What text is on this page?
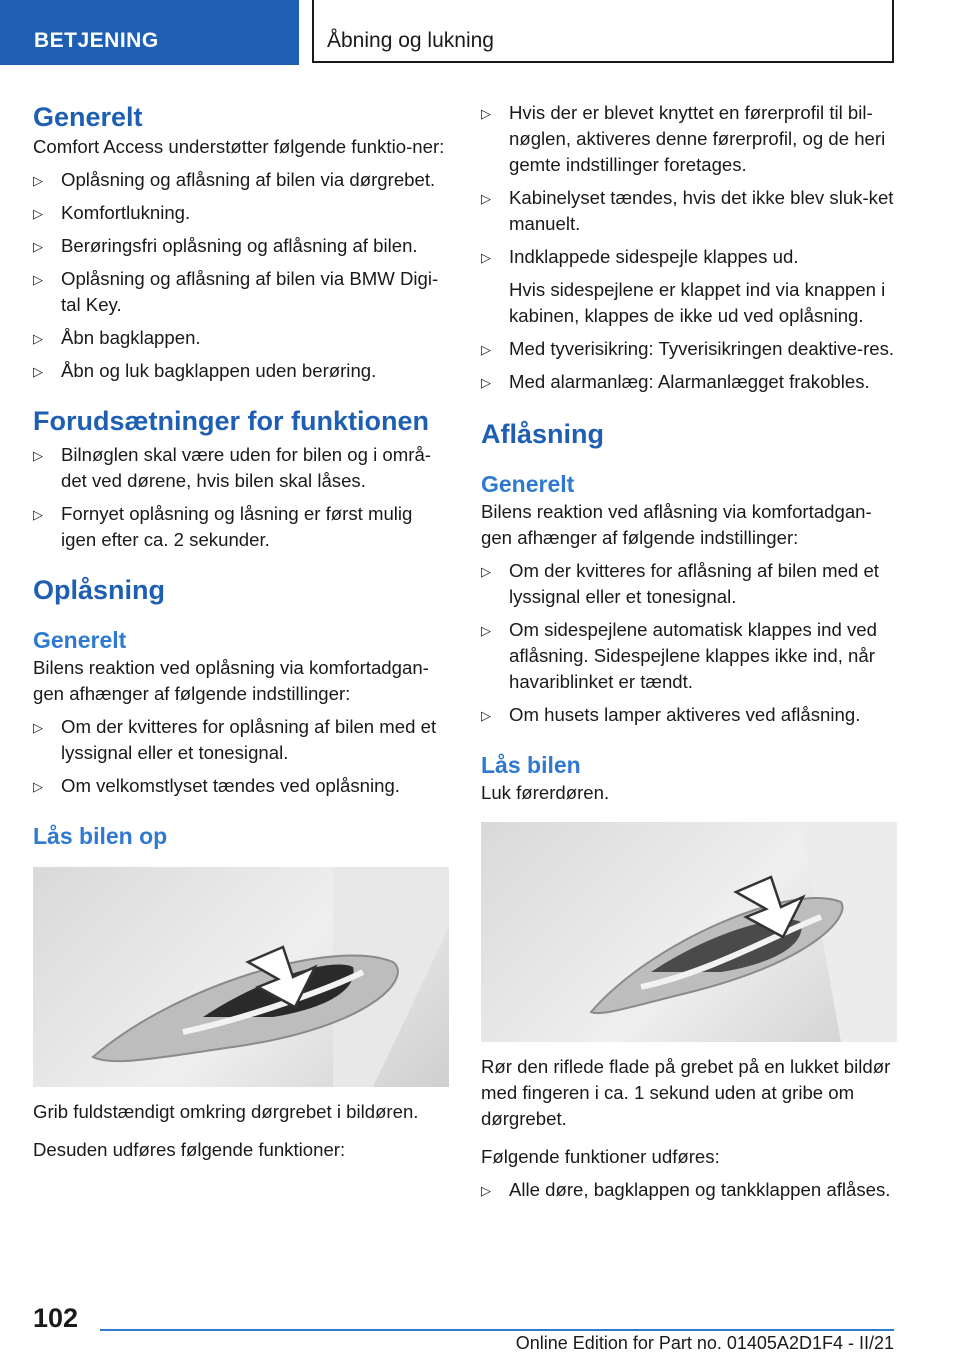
BETJENING	Åbning og lukning
Generelt

Comfort Access understøtter følgende funktio-ner:

▷ Oplåsning og aflåsning af bilen via dørgrebet.
▷ Komfortlukning.
▷ Berøringsfri oplåsning og aflåsning af bilen.
▷ Oplåsning og aflåsning af bilen via BMW Digi-tal Key.
▷ Åbn bagklappen.
▷ Åbn og luk bagklappen uden berøring.
Forudsætninger for funktionen
▷ Bilnøglen skal være uden for bilen og i områ-det ved dørene, hvis bilen skal låses.
▷ Fornyet oplåsning og låsning er først mulig igen efter ca. 2 sekunder.
Oplåsning
Generelt

Bilens reaktion ved oplåsning via komfortadgan-gen afhænger af følgende indstillinger:

▷ Om der kvitteres for oplåsning af bilen med et lyssignal eller et tonesignal.
▷ Om velkomstlyset tændes ved oplåsning.
Lås bilen op

Grib fuldstændigt omkring dørgrebet i bildøren.

Desuden udføres følgende funktioner:

▷ Hvis der er blevet knyttet en førerprofil til bil-nøglen, aktiveres denne førerprofil, og de heri gemte indstillinger foretages.
▷ Kabinelyset tændes, hvis det ikke blev sluk-ket manuelt.
▷ Indklappede sidespejle klappes ud.
Hvis sidespejlene er klappet ind via knappen i kabinen, klappes de ikke ud ved oplåsning.
▷ Med tyverisikring: Tyverisikringen deaktive-res.
▷ Med alarmanlæg: Alarmanlægget frakobles.
Aflåsning
Generelt

Bilens reaktion ved aflåsning via komfortadgan-gen afhænger af følgende indstillinger:

▷ Om der kvitteres for aflåsning af bilen med et lyssignal eller et tonesignal.
▷ Om sidespejlene automatisk klappes ind ved aflåsning. Sidespejlene klappes ikke ind, når havariblinket er tændt.
▷ Om husets lamper aktiveres ved aflåsning.
Lås bilen

Luk førerdøren.

Rør den riflede flade på grebet på en lukket bildør med fingeren i ca. 1 sekund uden at gribe om dørgrebet.

Følgende funktioner udføres:

▷ Alle døre, bagklappen og tankklappen aflåses.
102
Online Edition for Part no. 01405A2D1F4 - II/21
